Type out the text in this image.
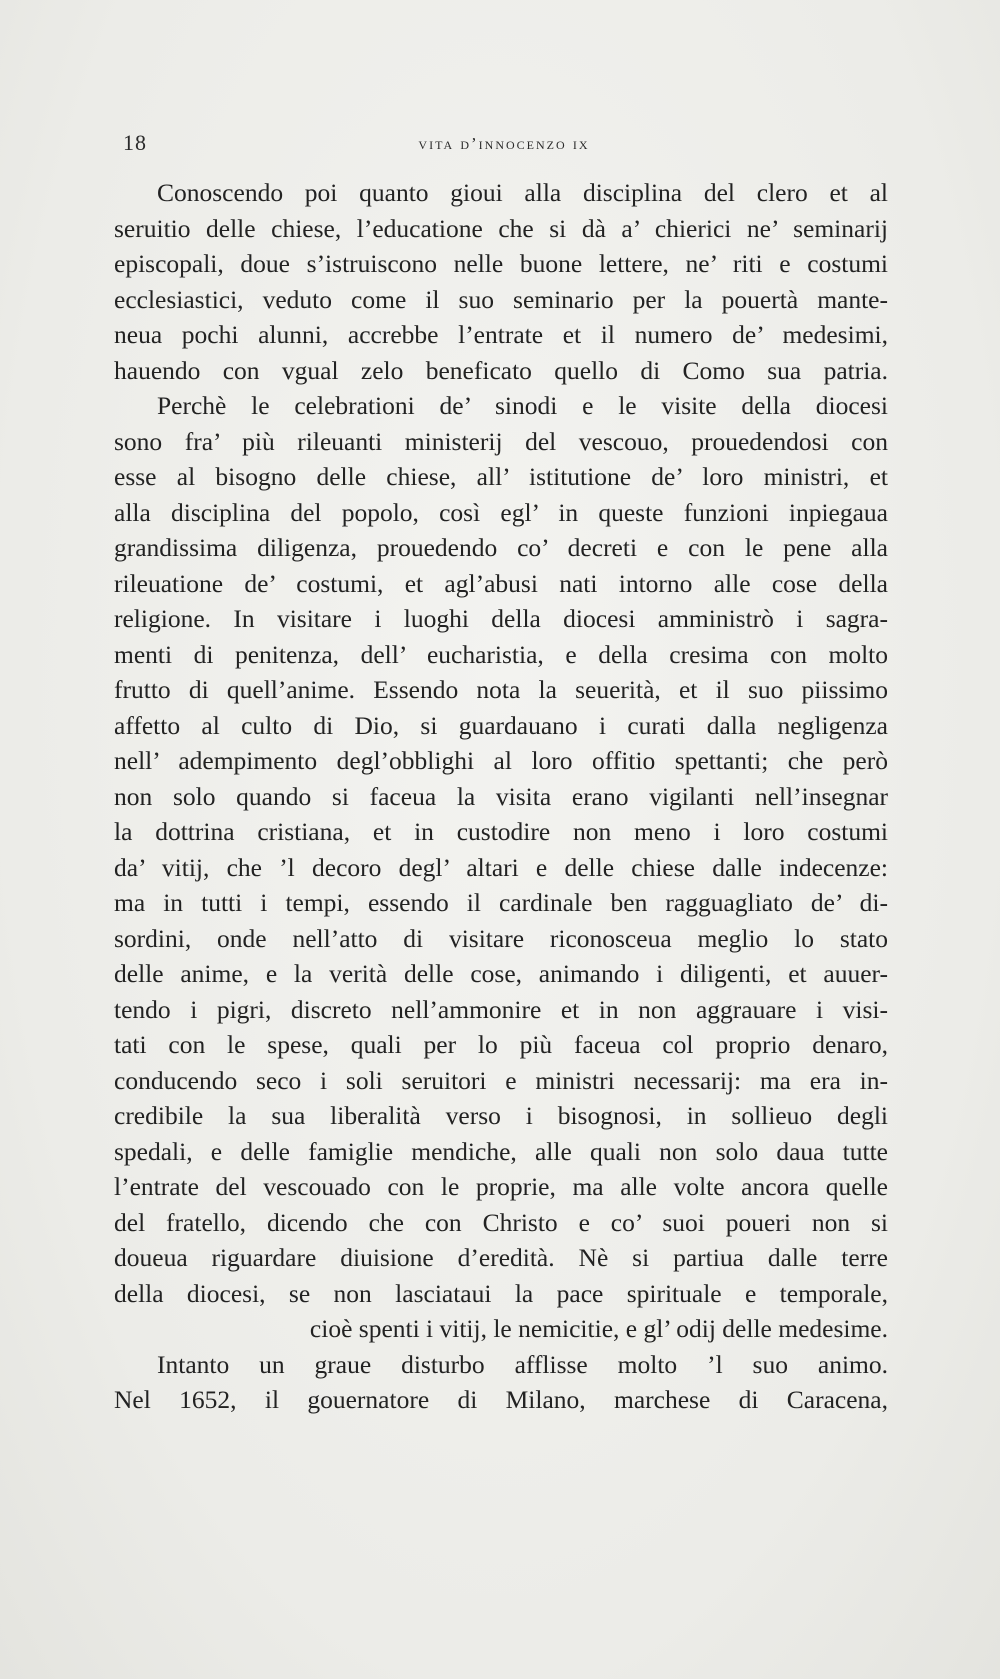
18	vita d’innocenzo ix
Conoscendo poi quanto gioui alla disciplina del clero et al
seruitio delle chiese, l’educatione che si dà a’ chierici ne’ seminarij
episcopali, doue s’istruiscono nelle buone lettere, ne’ riti e costumi
ecclesiastici, veduto come il suo seminario per la pouertà mante-
neua pochi alunni, accrebbe l’entrate et il numero de’ medesimi,
hauendo con vgual zelo beneficato quello di Como sua patria.
Perchè le celebrationi de’ sinodi e le visite della diocesi
sono fra’ più rileuanti ministerij del vescouo, prouedendosi con
esse al bisogno delle chiese, all’ istitutione de’ loro ministri, et
alla disciplina del popolo, così egl’ in queste funzioni inpiegaua
grandissima diligenza, prouedendo co’ decreti e con le pene alla
rileuatione de’ costumi, et agl’abusi nati intorno alle cose della
religione. In visitare i luoghi della diocesi amministrò i sagra-
menti di penitenza, dell’ eucharistia, e della cresima con molto
frutto di quell’anime. Essendo nota la seuerità, et il suo piissimo
affetto al culto di Dio, si guardauano i curati dalla negligenza
nell’ adempimento degl’obblighi al loro offitio spettanti; che però
non solo quando si faceua la visita erano vigilanti nell’insegnar
la dottrina cristiana, et in custodire non meno i loro costumi
da’ vitij, che ’l decoro degl’ altari e delle chiese dalle indecenze:
ma in tutti i tempi, essendo il cardinale ben ragguagliato de’ di-
sordini, onde nell’atto di visitare riconosceua meglio lo stato
delle anime, e la verità delle cose, animando i diligenti, et auuer-
tendo i pigri, discreto nell’ammonire et in non aggrauare i visi-
tati con le spese, quali per lo più faceua col proprio denaro,
conducendo seco i soli seruitori e ministri necessarij: ma era in-
credibile la sua liberalità verso i bisognosi, in sollieuo degli
spedali, e delle famiglie mendiche, alle quali non solo daua tutte
l’entrate del vescouado con le proprie, ma alle volte ancora quelle
del fratello, dicendo che con Christo e co’ suoi poueri non si
doueua riguardare diuisione d’eredità. Nè si partiua dalle terre
della diocesi, se non lasciataui la pace spirituale e temporale,
cioè spenti i vitij, le nemicitie, e gl’ odij delle medesime.
Intanto un graue disturbo afflisse molto ’l suo animo.
Nel 1652, il gouernatore di Milano, marchese di Caracena,
